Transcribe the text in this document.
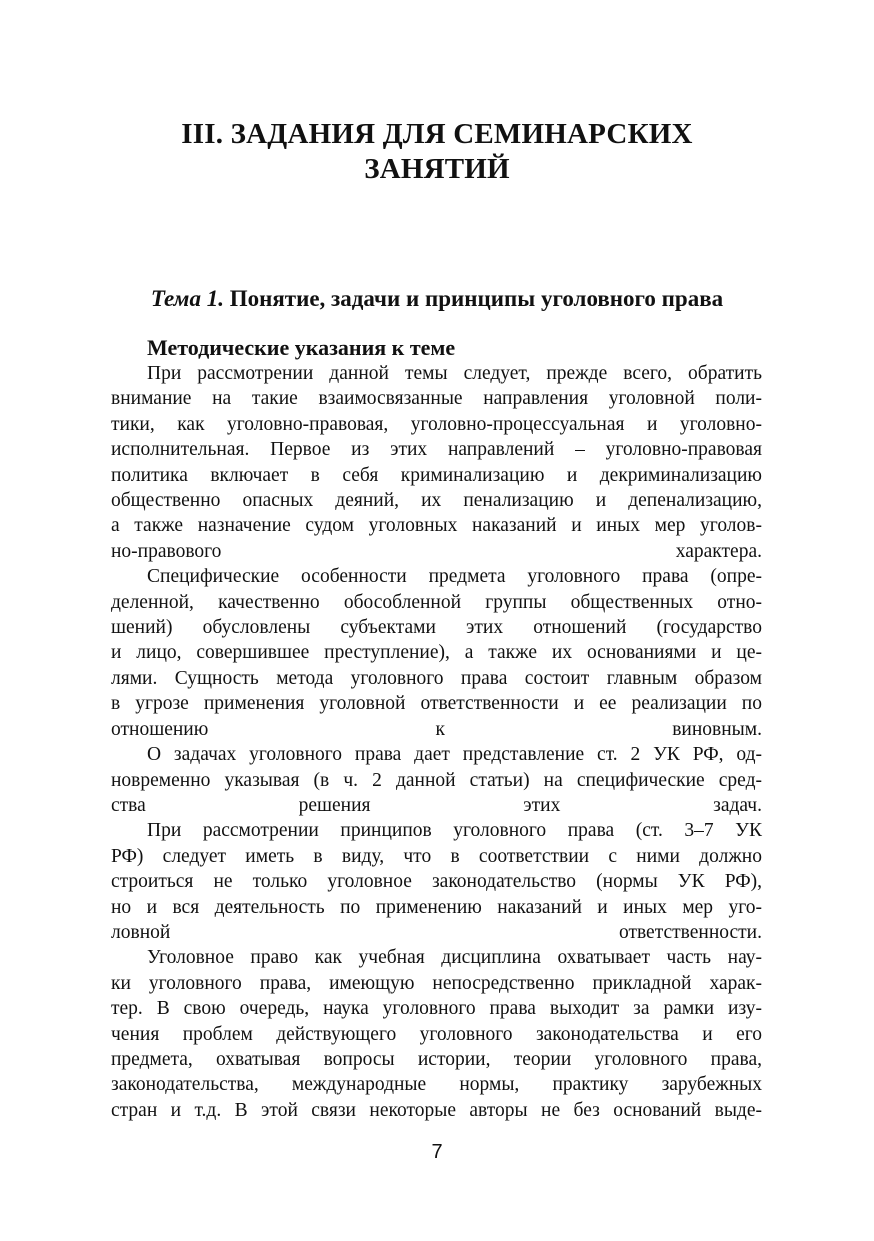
III. ЗАДАНИЯ ДЛЯ СЕМИНАРСКИХ
ЗАНЯТИЙ
Тема 1. Понятие, задачи и принципы уголовного права
Методические указания к теме

При рассмотрении данной темы следует, прежде всего, обратить
внимание на такие взаимосвязанные направления уголовной поли-
тики, как уголовно-правовая, уголовно-процессуальная и уголовно-
исполнительная. Первое из этих направлений – уголовно-правовая
политика включает в себя криминализацию и декриминализацию
общественно опасных деяний, их пенализацию и депенализацию,
а также назначение судом уголовных наказаний и иных мер уголов-
но-правового характера.

Специфические особенности предмета уголовного права (опре-
деленной, качественно обособленной группы общественных отно-
шений) обусловлены субъектами этих отношений (государство
и лицо, совершившее преступление), а также их основаниями и це-
лями. Сущность метода уголовного права состоит главным образом
в угрозе применения уголовной ответственности и ее реализации по
отношению к виновным.

О задачах уголовного права дает представление ст. 2 УК РФ, од-
новременно указывая (в ч. 2 данной статьи) на специфические сред-
ства решения этих задач.

При рассмотрении принципов уголовного права (ст. 3–7 УК
РФ) следует иметь в виду, что в соответствии с ними должно
строиться не только уголовное законодательство (нормы УК РФ),
но и вся деятельность по применению наказаний и иных мер уго-
ловной ответственности.

Уголовное право как учебная дисциплина охватывает часть нау-
ки уголовного права, имеющую непосредственно прикладной харак-
тер. В свою очередь, наука уголовного права выходит за рамки изу-
чения проблем действующего уголовного законодательства и его
предмета, охватывая вопросы истории, теории уголовного права,
законодательства, международные нормы, практику зарубежных
стран и т.д. В этой связи некоторые авторы не без оснований выде-

7
